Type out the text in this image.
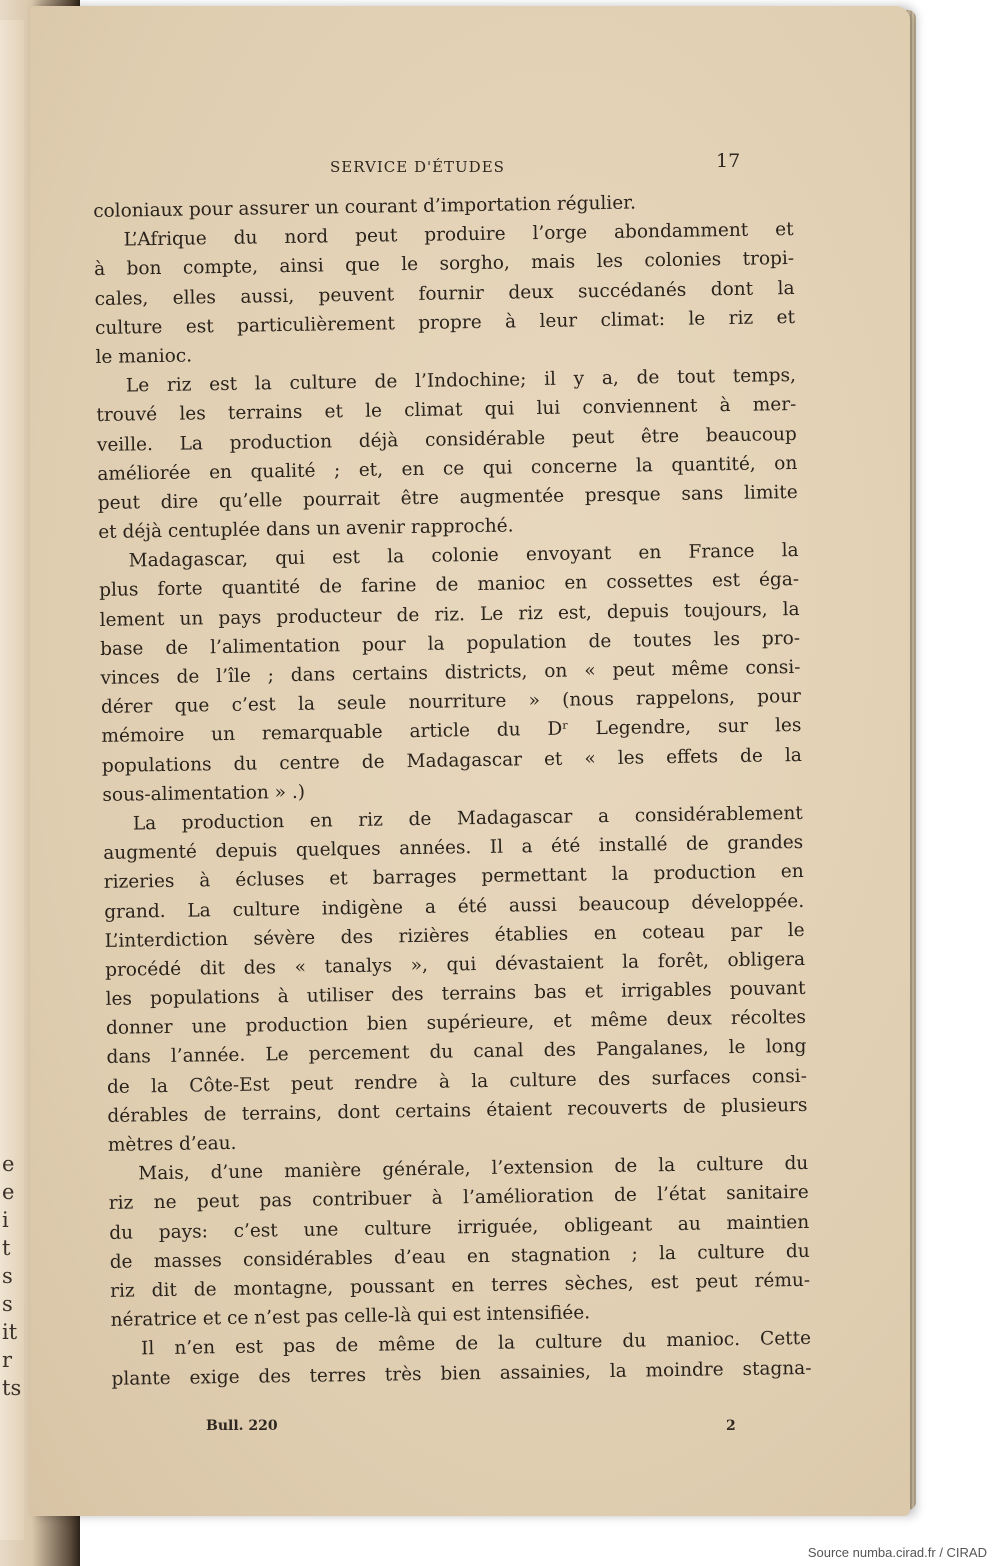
e
e
i
t
s
s
it
r
ts
SERVICE D'ÉTUDES	17
coloniaux pour assurer un courant d’importation régulier.
L’Afrique du nord peut produire l’orge abondamment et
à bon compte, ainsi que le sorgho, mais les colonies tropi-
cales, elles aussi, peuvent fournir deux succédanés dont la
culture est particulièrement propre à leur climat: le riz et
le manioc.
Le riz est la culture de l’Indochine; il y a, de tout temps,
trouvé les terrains et le climat qui lui conviennent à mer-
veille. La production déjà considérable peut être beaucoup
améliorée en qualité ; et, en ce qui concerne la quantité, on
peut dire qu’elle pourrait être augmentée presque sans limite
et déjà centuplée dans un avenir rapproché.
Madagascar, qui est la colonie envoyant en France la
plus forte quantité de farine de manioc en cossettes est éga-
lement un pays producteur de riz. Le riz est, depuis toujours, la
base de l’alimentation pour la population de toutes les pro-
vinces de l’île ; dans certains districts, on « peut même consi-
dérer que c’est la seule nourriture » (nous rappelons, pour
mémoire un remarquable article du Dʳ Legendre, sur les
populations du centre de Madagascar et « les effets de la
sous-alimentation » .)
La production en riz de Madagascar a considérablement
augmenté depuis quelques années. Il a été installé de grandes
rizeries à écluses et barrages permettant la production en
grand. La culture indigène a été aussi beaucoup développée.
L’interdiction sévère des rizières établies en coteau par le
procédé dit des « tanalys », qui dévastaient la forêt, obligera
les populations à utiliser des terrains bas et irrigables pouvant
donner une production bien supérieure, et même deux récoltes
dans l’année. Le percement du canal des Pangalanes, le long
de la Côte-Est peut rendre à la culture des surfaces consi-
dérables de terrains, dont certains étaient recouverts de plusieurs
mètres d’eau.
Mais, d’une manière générale, l’extension de la culture du
riz ne peut pas contribuer à l’amélioration de l’état sanitaire
du pays: c’est une culture irriguée, obligeant au maintien
de masses considérables d’eau en stagnation ; la culture du
riz dit de montagne, poussant en terres sèches, est peut rému-
nératrice et ce n’est pas celle-là qui est intensifiée.
Il n’en est pas de même de la culture du manioc. Cette
plante exige des terres très bien assainies, la moindre stagna-
Bull. 220	2
Source numba.cirad.fr / CIRAD
